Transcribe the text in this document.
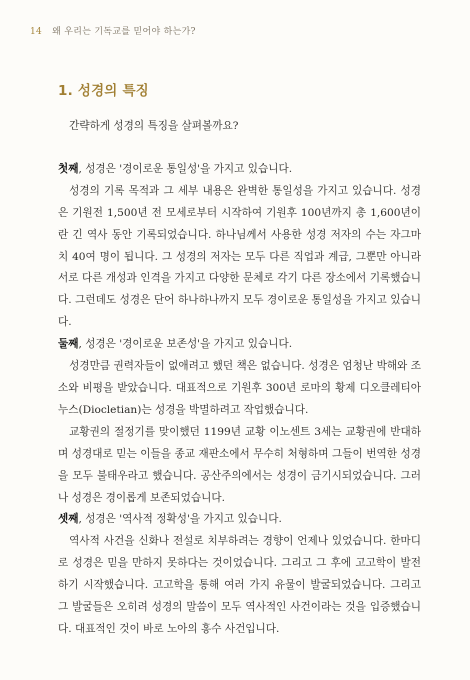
14 왜 우리는 기독교를 믿어야 하는가?
1. 성경의 특징

간략하게 성경의 특징을 살펴볼까요?

첫째, 성경은 '경이로운 통일성'을 가지고 있습니다.

성경의 기록 목적과 그 세부 내용은 완벽한 통일성을 가지고 있습니다. 성경은 기원전 1,500년 전 모세로부터 시작하여 기원후 100년까지 총 1,600년이란 긴 역사 동안 기록되었습니다. 하나님께서 사용한 성경 저자의 수는 자그마치 40여 명이 됩니다. 그 성경의 저자는 모두 다른 직업과 계급, 그뿐만 아니라 서로 다른 개성과 인격을 가지고 다양한 문체로 각기 다른 장소에서 기록했습니다. 그런데도 성경은 단어 하나하나까지 모두 경이로운 통일성을 가지고 있습니다.

둘째, 성경은 '경이로운 보존성'을 가지고 있습니다.

성경만큼 권력자들이 없애려고 했던 책은 없습니다. 성경은 엄청난 박해와 조소와 비평을 받았습니다. 대표적으로 기원후 300년 로마의 황제 디오클레티아누스(Diocletian)는 성경을 박멸하려고 작업했습니다.

교황권의 절정기를 맞이했던 1199년 교황 이노센트 3세는 교황권에 반대하며 성경대로 믿는 이들을 종교 재판소에서 무수히 처형하며 그들이 번역한 성경을 모두 불태우라고 했습니다. 공산주의에서는 성경이 금기시되었습니다. 그러나 성경은 경이롭게 보존되었습니다.

셋째, 성경은 '역사적 정확성'을 가지고 있습니다.

역사적 사건을 신화나 전설로 치부하려는 경향이 언제나 있었습니다. 한마디로 성경은 믿을 만하지 못하다는 것이었습니다. 그리고 그 후에 고고학이 발전하기 시작했습니다. 고고학을 통해 여러 가지 유물이 발굴되었습니다. 그리고 그 발굴들은 오히려 성경의 말씀이 모두 역사적인 사건이라는 것을 입증했습니다. 대표적인 것이 바로 노아의 홍수 사건입니다.
